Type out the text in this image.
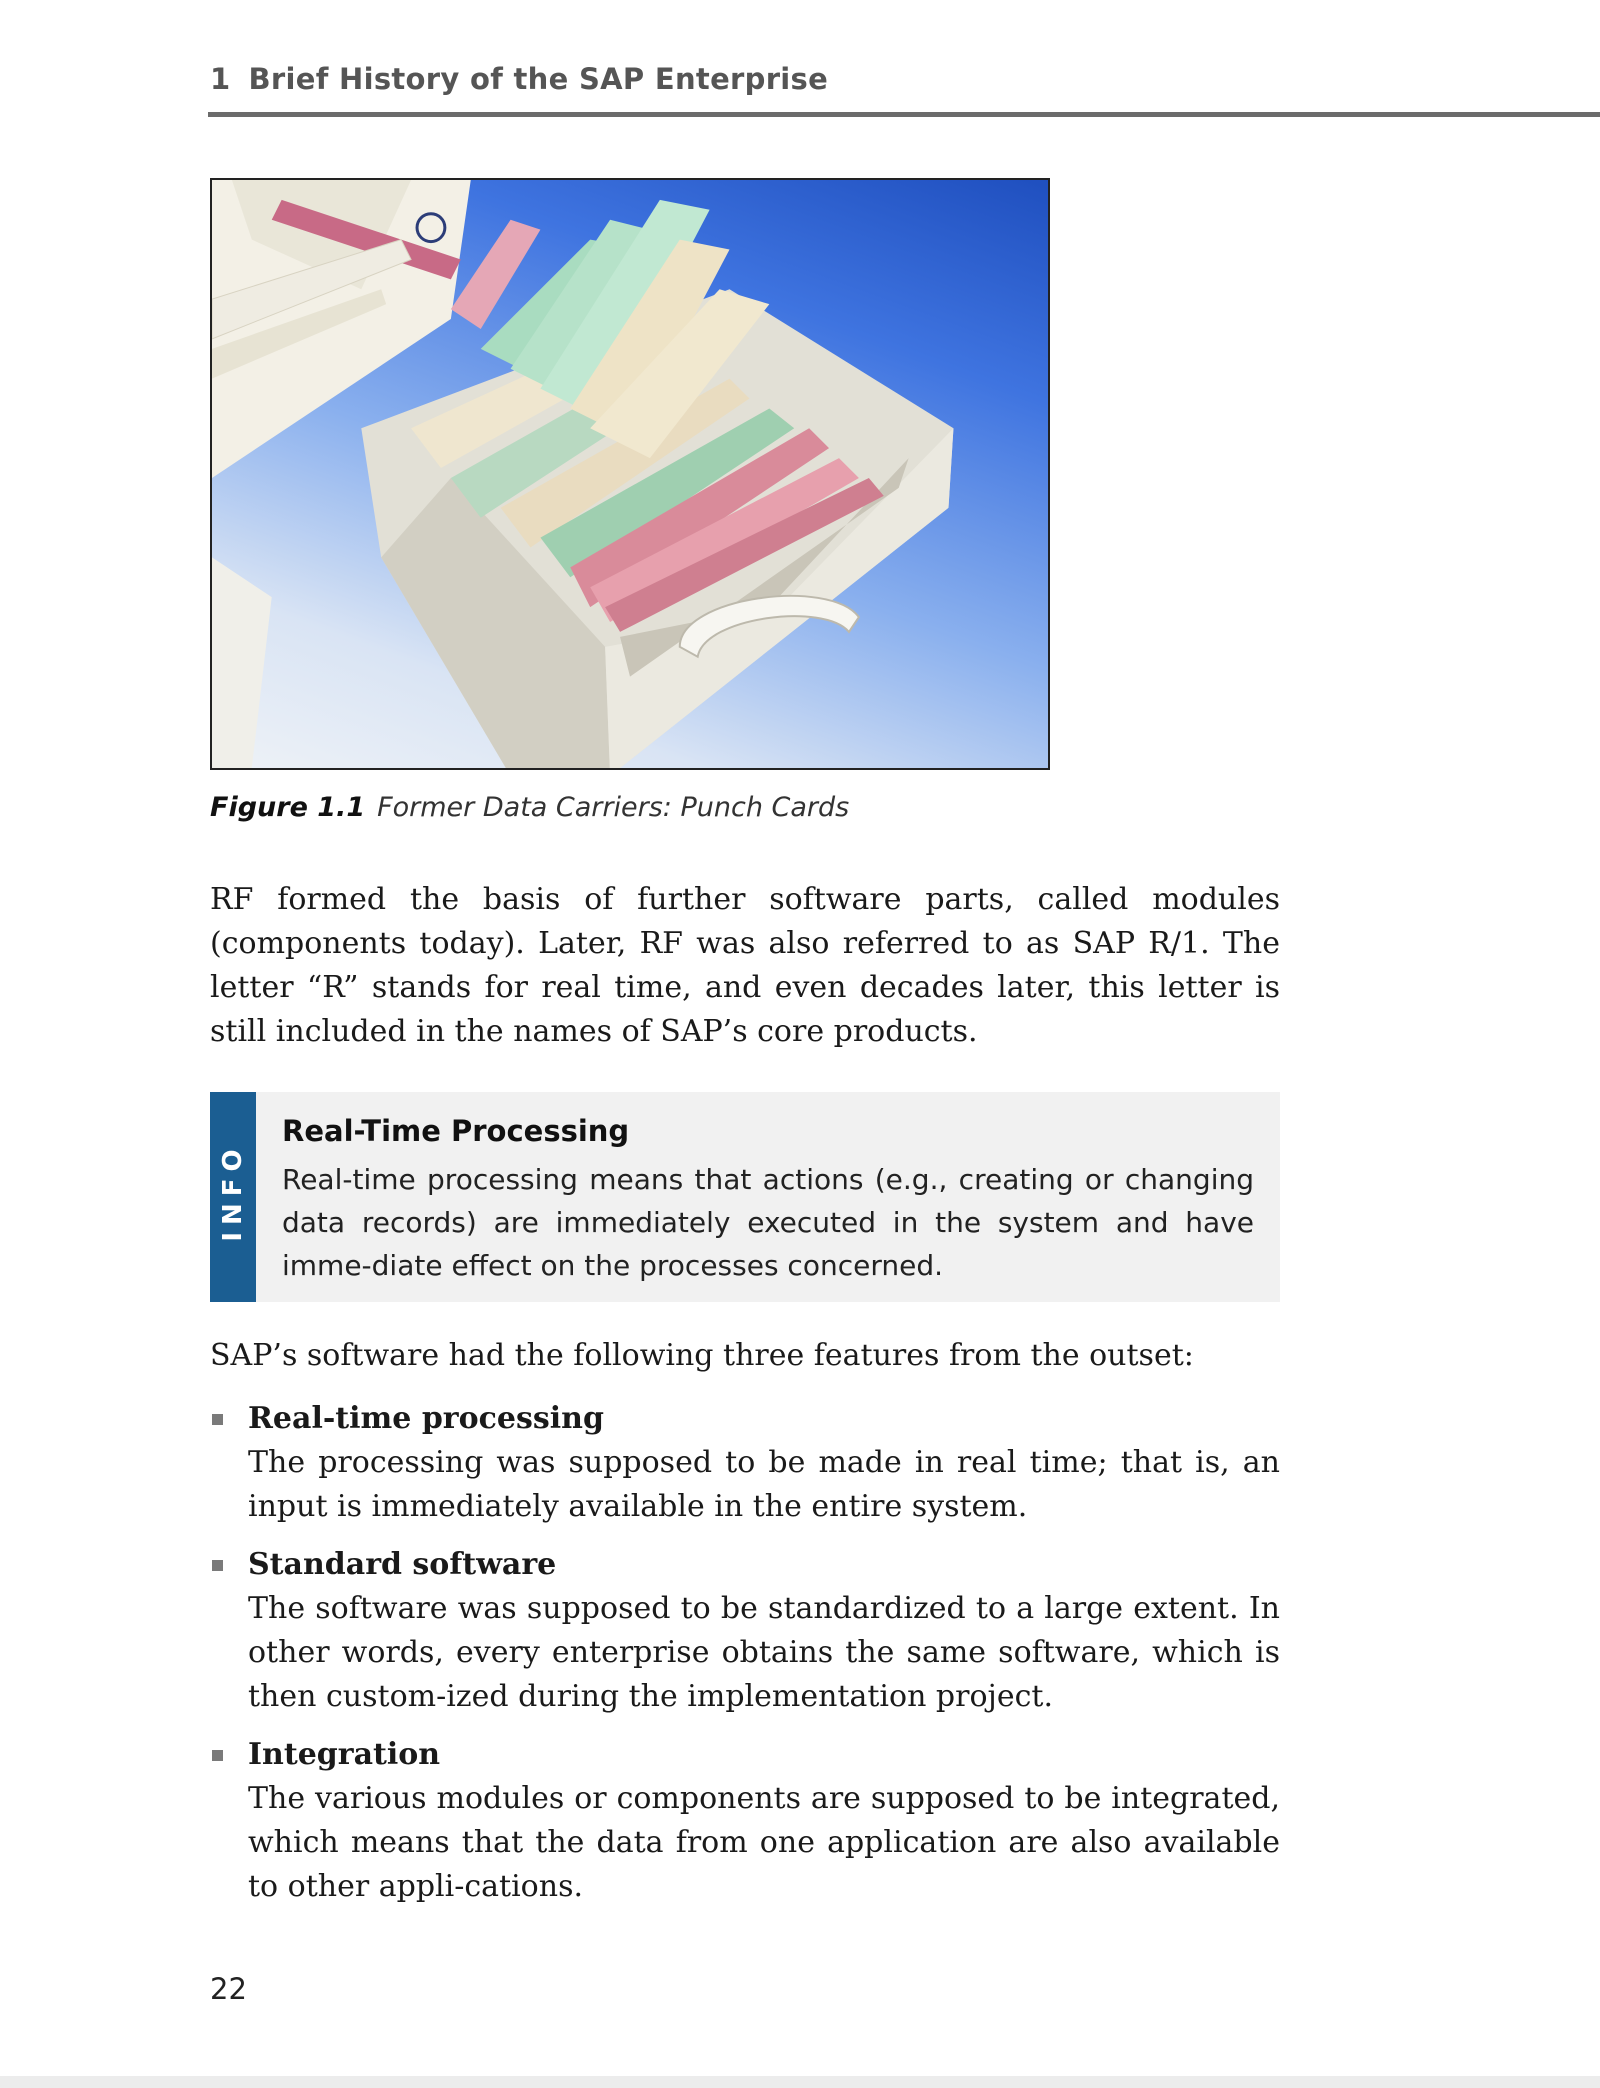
1 Brief History of the SAP Enterprise
Figure 1.1 Former Data Carriers: Punch Cards

RF formed the basis of further software parts, called modules (components today). Later, RF was also referred to as SAP R/1. The letter “R” stands for real time, and even decades later, this letter is still included in the names of SAP’s core products.

INFO
Real-Time Processing

Real-time processing means that actions (e.g., creating or changing data records) are immediately executed in the system and have imme-diate effect on the processes concerned.

SAP’s software had the following three features from the outset:

Real-time processing
The processing was supposed to be made in real time; that is, an input is immediately available in the entire system.
Standard software
The software was supposed to be standardized to a large extent. In other words, every enterprise obtains the same software, which is then custom-ized during the implementation project.
Integration
The various modules or components are supposed to be integrated, which means that the data from one application are also available to other appli-cations.
22
